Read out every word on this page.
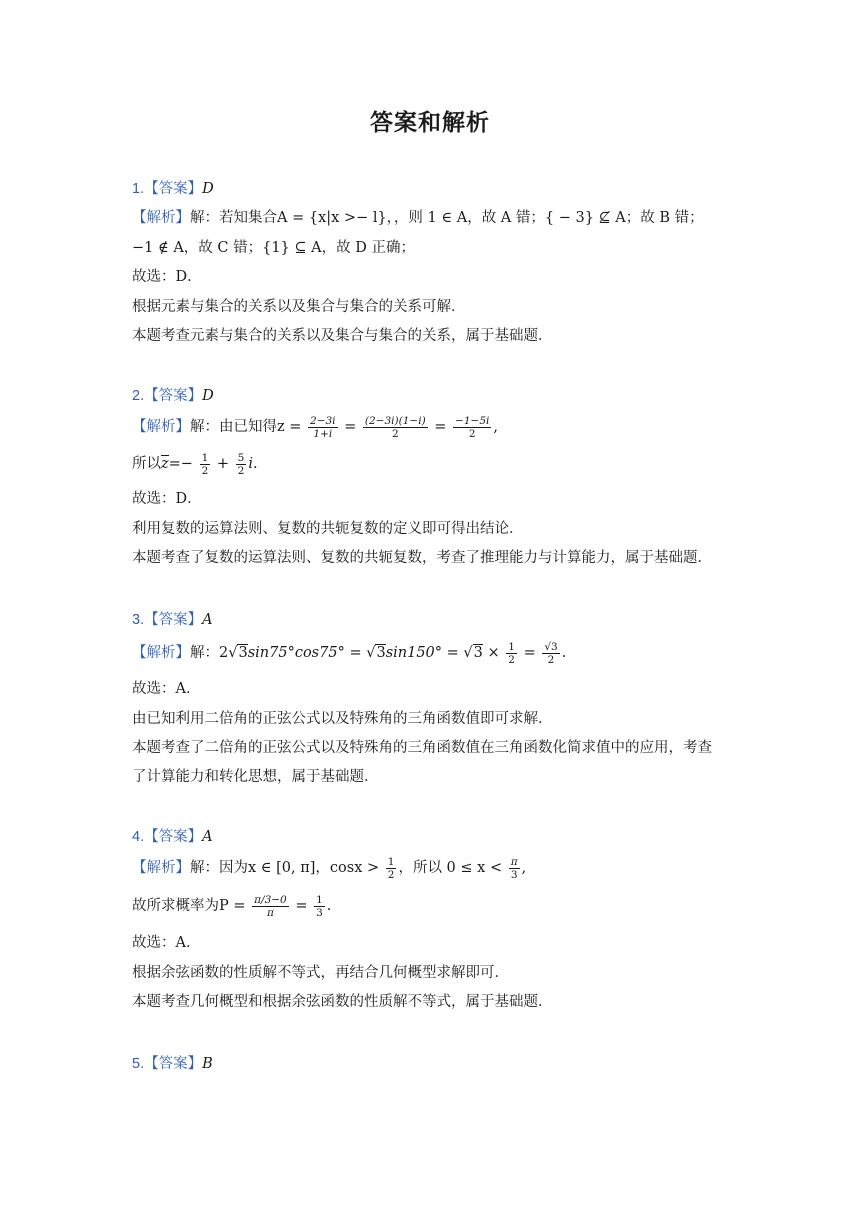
答案和解析
1.【答案】D
【解析】解：若知集合A = {x|x >− l}，，则 1 ∈ A，故 A 错；{ − 3} ⊈ A；故 B 错；
−1 ∉ A，故 C 错；{1} ⊆ A，故 D 正确；
故选：D．
根据元素与集合的关系以及集合与集合的关系可解．
本题考查元素与集合的关系以及集合与集合的关系，属于基础题．
2.【答案】D
【解析】解：由已知得$z = \frac{2-3i}{1+i} = \frac{(2-3i)(1-i)}{2} = \frac{-1-5i}{2}$ ,
所以$z=- \frac{1}{2} + \frac{5}{2} i$.
故选：D．
利用复数的运算法则、复数的共轭复数的定义即可得出结论．
本题考查了复数的运算法则、复数的共轭复数，考查了推理能力与计算能力，属于基础题．
3.【答案】A
【解析】解：$2√3\sin 75^\circ\cos 75^\circ = √3\sin 150^\circ = √3 \times \frac{1}{2} = \frac{√3}{2}$ .
故选：A．
由已知利用二倍角的正弦公式以及特殊角的三角函数值即可求解．
本题考查了二倍角的正弦公式以及特殊角的三角函数值在三角函数化简求值中的应用，考查
了计算能力和转化思想，属于基础题．
4.【答案】A
【解析】解：因为x ∈ [0, π]，$\cos x > \frac{1}{2}$ ，所以 $0 \le x < \frac{\pi}{3}$ ,
故所求概率为$P = \frac{\pi/3-0}{\pi} = \frac{1}{3}$ .
故选：A．
根据余弦函数的性质解不等式，再结合几何概型求解即可．
本题考查几何概型和根据余弦函数的性质解不等式，属于基础题．
5.【答案】B
